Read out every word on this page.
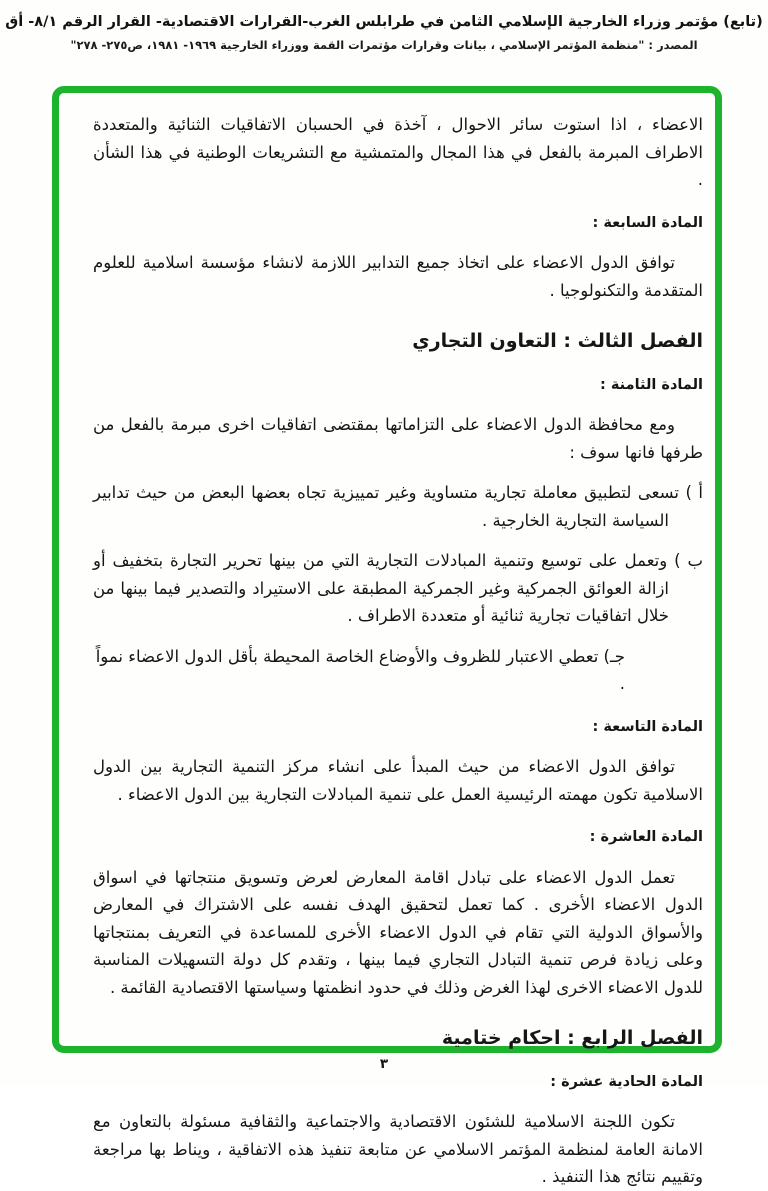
(تابع) مؤتمر وزراء الخارجية الإسلامي الثامن في طرابلس الغرب-القرارات الاقتصادية- القرار الرقم ٨/١- أق
المصدر : "منظمة المؤتمر الإسلامي ، بيانات وقرارات مؤتمرات القمة ووزراء الخارجية ١٩٦٩- ١٩٨١، ص٢٧٥- ٢٧٨"
الاعضاء ، اذا استوت سائر الاحوال ، آخذة في الحسبان الاتفاقيات الثنائية والمتعددة الاطراف المبرمة بالفعل في هذا المجال والمتمشية مع التشريعات الوطنية في هذا الشأن .
المادة السابعة :
توافق الدول الاعضاء على اتخاذ جميع التدابير اللازمة لانشاء مؤسسة اسلامية للعلوم المتقدمة والتكنولوجيا .
الفصل الثالث : التعاون التجاري
المادة الثامنة :
ومع محافظة الدول الاعضاء على التزاماتها بمقتضى اتفاقيات اخرى مبرمة بالفعل من طرفها فانها سوف :
أ ) تسعى لتطبيق معاملة تجارية متساوية وغير تمييزية تجاه بعضها البعض من حيث تدابير السياسة التجارية الخارجية .
ب ) وتعمل على توسيع وتنمية المبادلات التجارية التي من بينها تحرير التجارة بتخفيف أو ازالة العوائق الجمركية وغير الجمركية المطبقة على الاستيراد والتصدير فيما بينها من خلال اتفاقيات تجارية ثنائية أو متعددة الاطراف .
جـ) تعطي الاعتبار للظروف والأوضاع الخاصة المحيطة بأقل الدول الاعضاء نمواً .
المادة التاسعة :
توافق الدول الاعضاء من حيث المبدأ على انشاء مركز التنمية التجارية بين الدول الاسلامية تكون مهمته الرئيسية العمل على تنمية المبادلات التجارية بين الدول الاعضاء .
المادة العاشرة :
تعمل الدول الاعضاء على تبادل اقامة المعارض لعرض وتسويق منتجاتها في اسواق الدول الاعضاء الأخرى . كما تعمل لتحقيق الهدف نفسه على الاشتراك في المعارض والأسواق الدولية التي تقام في الدول الاعضاء الأخرى للمساعدة في التعريف بمنتجاتها وعلى زيادة فرص تنمية التبادل التجاري فيما بينها ، وتقدم كل دولة التسهيلات المناسبة للدول الاعضاء الاخرى لهذا الغرض وذلك في حدود انظمتها وسياستها الاقتصادية القائمة .
الفصل الرابع : احكام ختامية
المادة الحادية عشرة :
تكون اللجنة الاسلامية للشئون الاقتصادية والاجتماعية والثقافية مسئولة بالتعاون مع الامانة العامة لمنظمة المؤتمر الاسلامي عن متابعة تنفيذ هذه الاتفاقية ، ويناط بها مراجعة وتقييم نتائج هذا التنفيذ .
٣
